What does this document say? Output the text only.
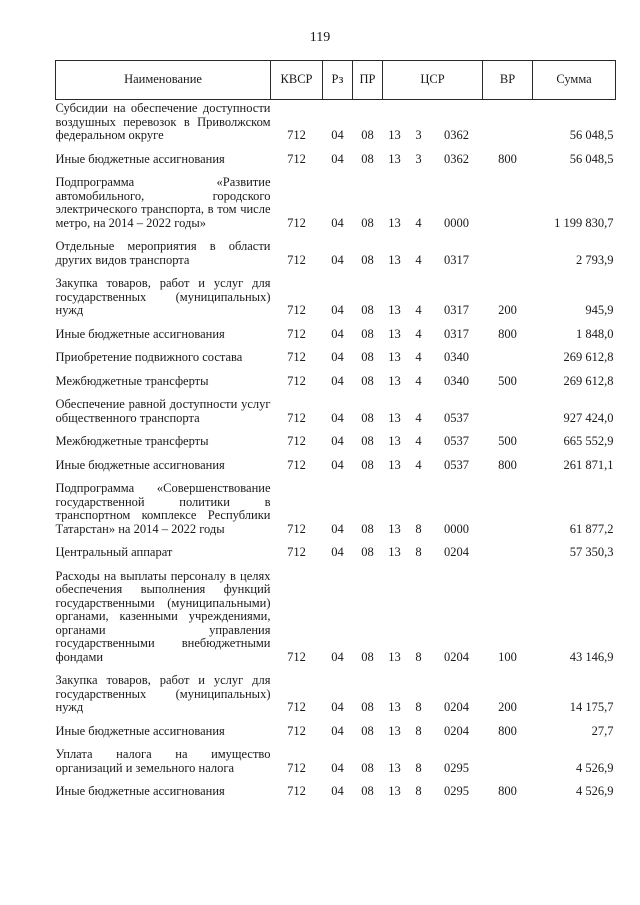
119
Наименование	КВСР	Рз	ПР	ЦСР			ВР	Сумма
Субсидии на обеспечение доступности воздушных перевозок в Приволжском федеральном округе	712	04	08	13	3	0362		56 048,5

Иные бюджетные ассигнования	712	04	08	13	3	0362	800	56 048,5

Подпрограмма «Развитие автомобильного, городского электрического транспорта, в том числе метро, на 2014 – 2022 годы»	712	04	08	13	4	0000		1 199 830,7

Отдельные мероприятия в области других видов транспорта	712	04	08	13	4	0317		2 793,9

Закупка товаров, работ и услуг для государственных (муниципальных) нужд	712	04	08	13	4	0317	200	945,9

Иные бюджетные ассигнования	712	04	08	13	4	0317	800	1 848,0

Приобретение подвижного состава	712	04	08	13	4	0340		269 612,8

Межбюджетные трансферты	712	04	08	13	4	0340	500	269 612,8

Обеспечение равной доступности услуг общественного транспорта	712	04	08	13	4	0537		927 424,0

Межбюджетные трансферты	712	04	08	13	4	0537	500	665 552,9

Иные бюджетные ассигнования	712	04	08	13	4	0537	800	261 871,1

Подпрограмма «Совершенствование государственной политики в транспортном комплексе Республики Татарстан» на 2014 – 2022 годы	712	04	08	13	8	0000		61 877,2

Центральный аппарат	712	04	08	13	8	0204		57 350,3

Расходы на выплаты персоналу в целях обеспечения выполнения функций государственными (муниципальными) органами, казенными учреждениями, органами управления государственными внебюджетными фондами	712	04	08	13	8	0204	100	43 146,9

Закупка товаров, работ и услуг для государственных (муниципальных) нужд	712	04	08	13	8	0204	200	14 175,7

Иные бюджетные ассигнования	712	04	08	13	8	0204	800	27,7

Уплата налога на имущество организаций и земельного налога	712	04	08	13	8	0295		4 526,9

Иные бюджетные ассигнования	712	04	08	13	8	0295	800	4 526,9
